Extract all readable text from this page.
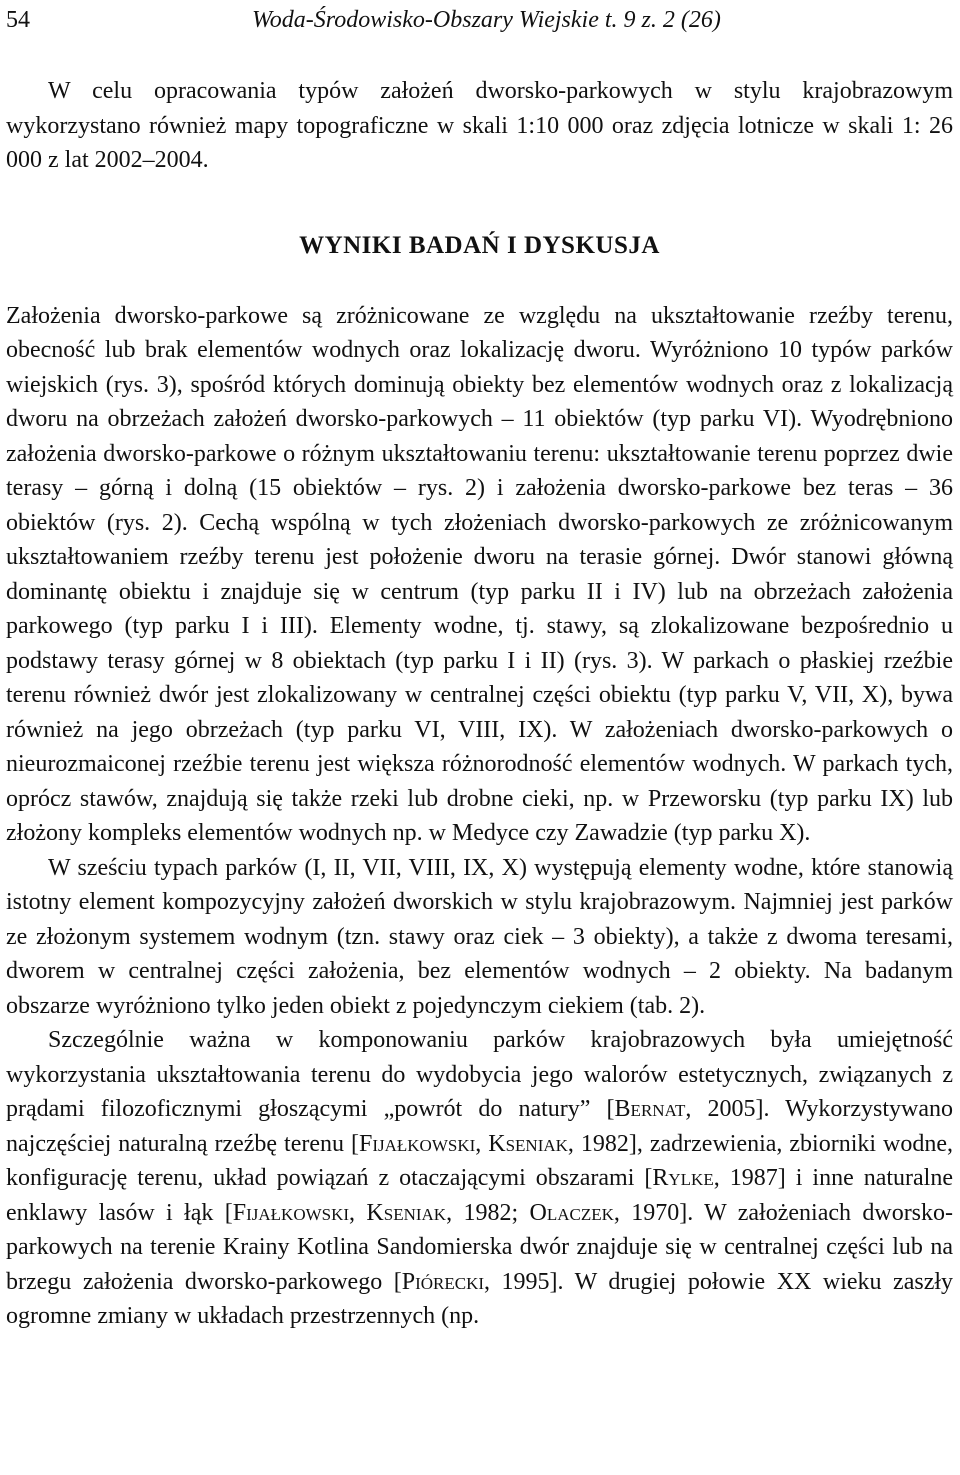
54	Woda-Środowisko-Obszary Wiejskie t. 9 z. 2 (26)

W celu opracowania typów założeń dworsko-parkowych w stylu krajobrazowym wykorzystano również mapy topograficzne w skali 1:10 000 oraz zdjęcia lotnicze w skali 1: 26 000 z lat 2002–2004.

WYNIKI BADAŃ I DYSKUSJA

Założenia dworsko-parkowe są zróżnicowane ze względu na ukształtowanie rzeźby terenu, obecność lub brak elementów wodnych oraz lokalizację dworu. Wyróżniono 10 typów parków wiejskich (rys. 3), spośród których dominują obiekty bez elementów wodnych oraz z lokalizacją dworu na obrzeżach założeń dworsko-parkowych – 11 obiektów (typ parku VI). Wyodrębniono założenia dworsko-parkowe o różnym ukształtowaniu terenu: ukształtowanie terenu poprzez dwie terasy – górną i dolną (15 obiektów – rys. 2) i założenia dworsko-parkowe bez teras – 36 obiektów (rys. 2). Cechą wspólną w tych złożeniach dworsko-parkowych ze zróżnicowanym ukształtowaniem rzeźby terenu jest położenie dworu na terasie górnej. Dwór stanowi główną dominantę obiektu i znajduje się w centrum (typ parku II i IV) lub na obrzeżach założenia parkowego (typ parku I i III). Elementy wodne, tj. stawy, są zlokalizowane bezpośrednio u podstawy terasy górnej w 8 obiektach (typ parku I i II) (rys. 3). W parkach o płaskiej rzeźbie terenu również dwór jest zlokalizowany w centralnej części obiektu (typ parku V, VII, X), bywa również na jego obrzeżach (typ parku VI, VIII, IX). W założeniach dworsko-parkowych o nieurozmaiconej rzeźbie terenu jest większa różnorodność elementów wodnych. W parkach tych, oprócz stawów, znajdują się także rzeki lub drobne cieki, np. w Przeworsku (typ parku IX) lub złożony kompleks elementów wodnych np. w Medyce czy Zawadzie (typ parku X).

W sześciu typach parków (I, II, VII, VIII, IX, X) występują elementy wodne, które stanowią istotny element kompozycyjny założeń dworskich w stylu krajobrazowym. Najmniej jest parków ze złożonym systemem wodnym (tzn. stawy oraz ciek – 3 obiekty), a także z dwoma teresami, dworem w centralnej części założenia, bez elementów wodnych – 2 obiekty. Na badanym obszarze wyróżniono tylko jeden obiekt z pojedynczym ciekiem (tab. 2).

Szczególnie ważna w komponowaniu parków krajobrazowych była umiejętność wykorzystania ukształtowania terenu do wydobycia jego walorów estetycznych, związanych z prądami filozoficznymi głoszącymi „powrót do natury” [Bernat, 2005]. Wykorzystywano najczęściej naturalną rzeźbę terenu [Fijałkowski, Kseniak, 1982], zadrzewienia, zbiorniki wodne, konfigurację terenu, układ powiązań z otaczającymi obszarami [Rylke, 1987] i inne naturalne enklawy lasów i łąk [Fijałkowski, Kseniak, 1982; Olaczek, 1970]. W założeniach dworsko-parkowych na terenie Krainy Kotlina Sandomierska dwór znajduje się w centralnej części lub na brzegu założenia dworsko-parkowego [Piórecki, 1995]. W drugiej połowie XX wieku zaszły ogromne zmiany w układach przestrzennych (np.
